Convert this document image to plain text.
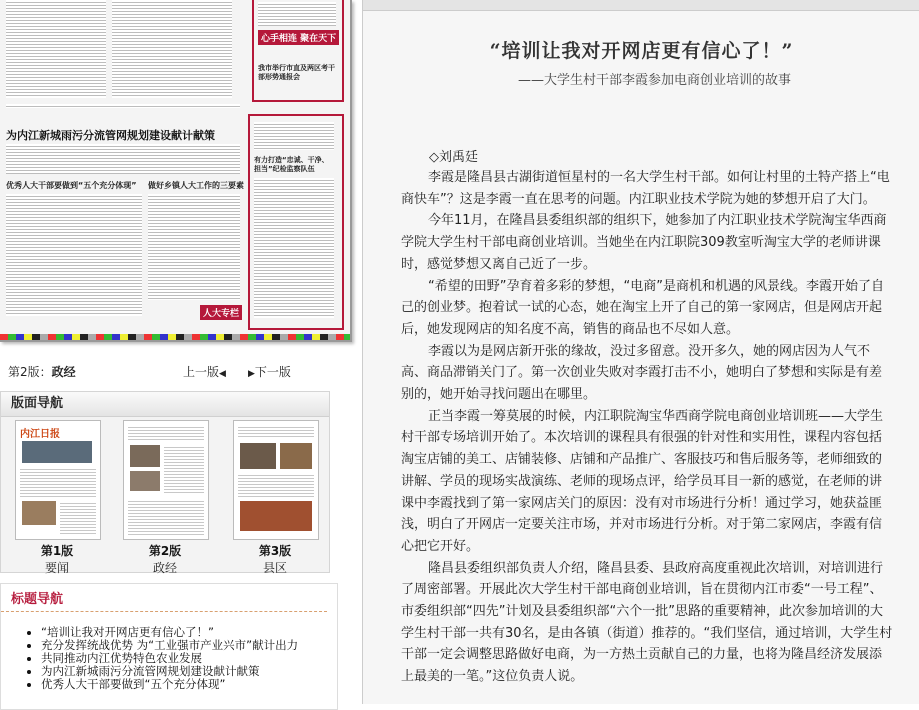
心手相连 聚在天下
我市举行市直及两区考干部形势通报会
为内江新城雨污分流管网规划建设献计献策
优秀人大干部要做到“五个充分体现” 做好乡镇人大工作的三要素
人大专栏
有力打造“忠诚、干净、担当”纪检监察队伍
第2版：政经	上一版◀ ▶下一版
版面导航
内江日报
第1版
要闻
第2版
政经
第3版
县区
标题导航
• “培训让我对开网店更有信心了！”
• 充分发挥统战优势 为“工业强市产业兴市”献计出力
• 共同推动内江优势特色农业发展
• 为内江新城雨污分流管网规划建设献计献策
• 优秀人大干部要做到“五个充分体现”
“培训让我对开网店更有信心了！”
——大学生村干部李霞参加电商创业培训的故事
◇刘禹廷

李霞是隆昌县古湖街道恒星村的一名大学生村干部。如何让村里的土特产搭上“电商快车”？这是李霞一直在思考的问题。内江职业技术学院为她的梦想开启了大门。

今年11月，在隆昌县委组织部的组织下，她参加了内江职业技术学院淘宝华西商学院大学生村干部电商创业培训。当她坐在内江职院309教室听淘宝大学的老师讲课时，感觉梦想又离自己近了一步。

“希望的田野”孕育着多彩的梦想，“电商”是商机和机遇的风景线。李霞开始了自己的创业梦。抱着试一试的心态，她在淘宝上开了自己的第一家网店，但是网店开起后，她发现网店的知名度不高，销售的商品也不尽如人意。

李霞以为是网店新开张的缘故，没过多留意。没开多久，她的网店因为人气不高、商品滞销关门了。第一次创业失败对李霞打击不小，她明白了梦想和实际是有差别的，她开始寻找问题出在哪里。

正当李霞一筹莫展的时候，内江职院淘宝华西商学院电商创业培训班——大学生村干部专场培训开始了。本次培训的课程具有很强的针对性和实用性，课程内容包括淘宝店铺的美工、店铺装修、店铺和产品推广、客服技巧和售后服务等，老师细致的讲解、学员的现场实战演练、老师的现场点评，给学员耳目一新的感觉，在老师的讲课中李霞找到了第一家网店关门的原因：没有对市场进行分析！通过学习，她获益匪浅，明白了开网店一定要关注市场，并对市场进行分析。对于第二家网店，李霞有信心把它开好。

隆昌县委组织部负责人介绍，隆昌县委、县政府高度重视此次培训，对培训进行了周密部署。开展此次大学生村干部电商创业培训，旨在贯彻内江市委“一号工程”、市委组织部“四先”计划及县委组织部“六个一批”思路的重要精神，此次参加培训的大学生村干部一共有30名，是由各镇（街道）推荐的。“我们坚信，通过培训，大学生村干部一定会调整思路做好电商，为一方热土贡献自己的力量，也将为隆昌经济发展添上最美的一笔。”这位负责人说。
